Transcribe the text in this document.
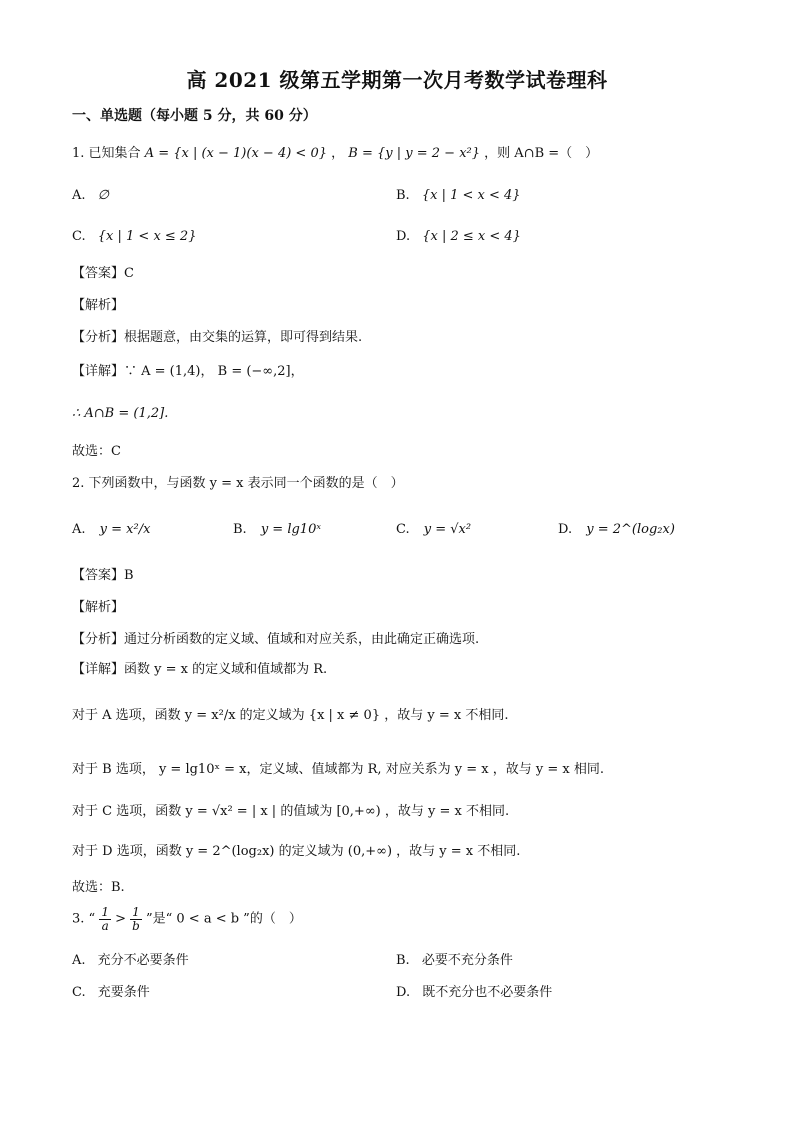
高 2021 级第五学期第一次月考数学试卷理科
一、单选题（每小题 5 分，共 60 分）
1. 已知集合 A = {x | (x − 1)(x − 4) < 0} ， B = {y | y = 2 − x²} ，则 A∩B =（　）
A. ∅	B. {x | 1 < x < 4}
C. {x | 1 < x ≤ 2}	D. {x | 2 ≤ x < 4}
【答案】C
【解析】
【分析】根据题意，由交集的运算，即可得到结果.
【详解】∵ A = (1,4)， B = (−∞,2]，
∴ A∩B = (1,2].
故选：C
2. 下列函数中，与函数 y = x 表示同一个函数的是（　）
A. y = x²/x	B. y = lg10ˣ	C. y = √x²	D. y = 2^(log₂x)
【答案】B
【解析】
【分析】通过分析函数的定义域、值域和对应关系，由此确定正确选项.
【详解】函数 y = x 的定义域和值域都为 R.
对于 A 选项，函数 y = x²/x 的定义域为 {x | x ≠ 0} ，故与 y = x 不相同.
对于 B 选项， y = lg10ˣ = x，定义域、值域都为 R, 对应关系为 y = x ，故与 y = x 相同.
对于 C 选项，函数 y = √x² = | x | 的值域为 [0,+∞) ，故与 y = x 不相同.
对于 D 选项，函数 y = 2^(log₂x) 的定义域为 (0,+∞) ，故与 y = x 不相同.
故选：B.
3. “ $\frac{1}{a} > \frac{1}{b}$ ”是“ 0 < a < b ”的（　）
A. 充分不必要条件	B. 必要不充分条件
C. 充要条件	D. 既不充分也不必要条件
